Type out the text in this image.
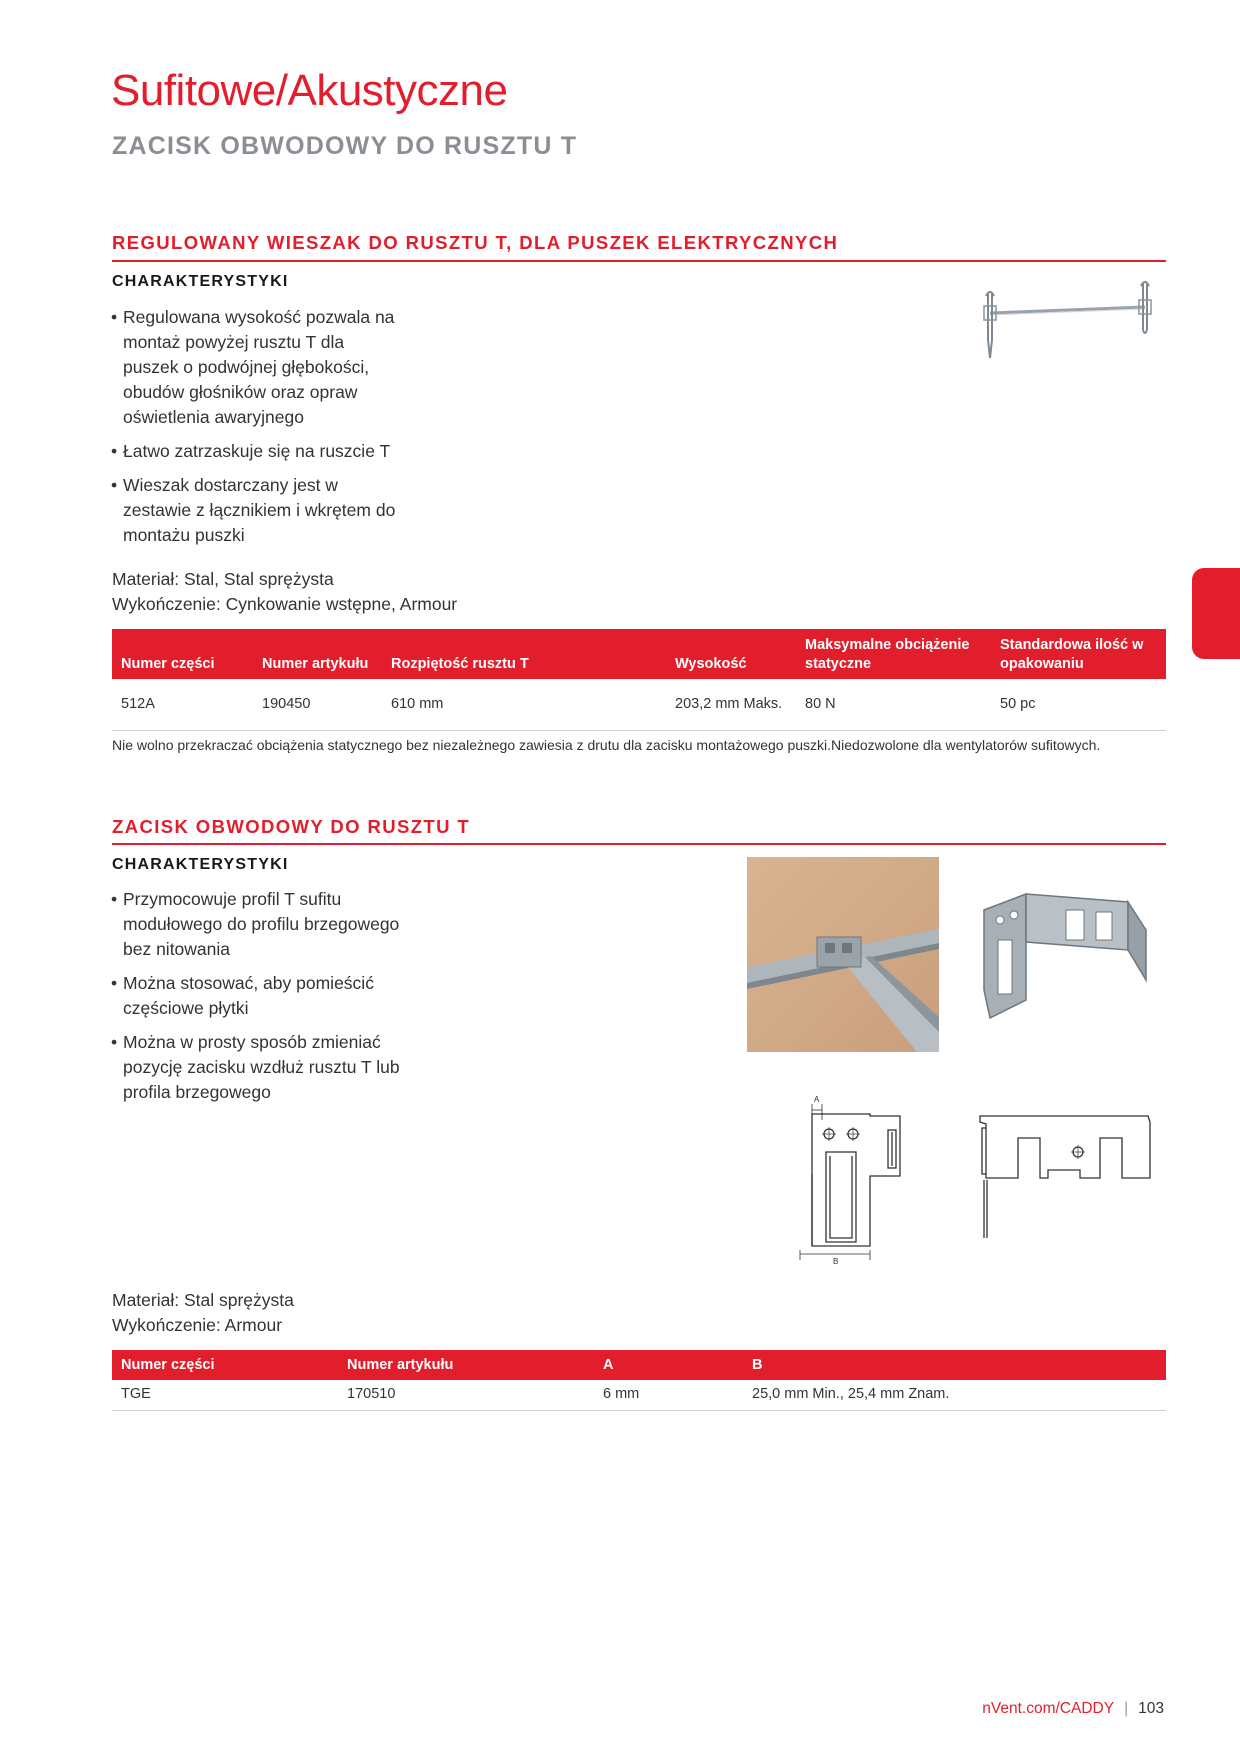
Sufitowe/Akustyczne
ZACISK OBWODOWY DO RUSZTU T
REGULOWANY WIESZAK DO RUSZTU T, DLA PUSZEK ELEKTRYCZNYCH
CHARAKTERYSTYKI
• Regulowana wysokość pozwala na montaż powyżej rusztu T dla puszek o podwójnej głębokości, obudów głośników oraz opraw oświetlenia awaryjnego
• Łatwo zatrzaskuje się na ruszcie T
• Wieszak dostarczany jest w zestawie z łącznikiem i wkrętem do montażu puszki
Materiał: Stal, Stal sprężysta
Wykończenie: Cynkowanie wstępne, Armour
Numer części	Numer artykułu	Rozpiętość rusztu T	Wysokość	Maksymalne obciążenie statyczne	Standardowa ilość w opakowaniu
512A	190450	610 mm	203,2 mm Maks.	80 N	50 pc
Nie wolno przekraczać obciążenia statycznego bez niezależnego zawiesia z drutu dla zacisku montażowego puszki.Niedozwolone dla wentylatorów sufitowych.
ZACISK OBWODOWY DO RUSZTU T
CHARAKTERYSTYKI
• Przymocowuje profil T sufitu modułowego do profilu brzegowego bez nitowania
• Można stosować, aby pomieścić częściowe płytki
• Można w prosty sposób zmieniać pozycję zacisku wzdłuż rusztu T lub profila brzegowego	A
B
Materiał: Stal sprężysta
Wykończenie: Armour
Numer części	Numer artykułu	A	B
TGE	170510	6 mm	25,0 mm Min., 25,4 mm Znam.
nVent.com/CADDY | 103
